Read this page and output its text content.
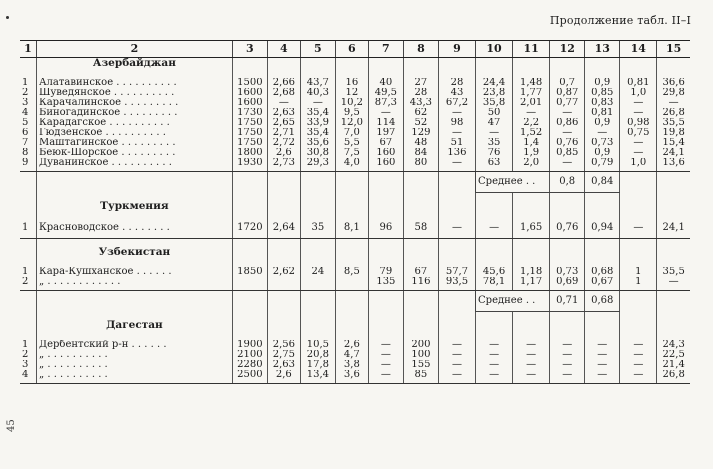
Продолжение табл. II–I
1	2	3	4	5	6	7	8	9	10	11	12	13	14	15
	Азербайджан													
1	Алатавинское . . . . . . . . . .	1500	2,66	43,7	16	40	27	28	24,4	1,48	0,7	0,9	0,81	36,6
2	Шуведянское . . . . . . . . . .	1600	2,68	40,3	12	49,5	28	43	23,8	1,77	0,87	0,85	1,0	29,8
3	Карачалинское . . . . . . . . .	1600	—	—	10,2	87,3	43,3	67,2	35,8	2,01	0,77	0,83	—	—
4	Биногадинское . . . . . . . . .	1730	2,63	35,4	9,5	—	62	—	50	—	—	0,81	—	26,8
5	Карадагское . . . . . . . . . .	1750	2,65	33,9	12,0	114	52	98	47	2,2	0,86	0,9	0,98	35,5
6	Гюдзенское . . . . . . . . . .	1750	2,71	35,4	7,0	197	129	—	—	1,52	—	—	0,75	19,8
7	Маштагинское . . . . . . . . .	1750	2,72	35,6	5,5	67	48	51	35	1,4	0,76	0,73	—	15,4
8	Бeюк-Шорское . . . . . . . . .	1800	2,6	30,8	7,5	160	84	136	76	1,9	0,85	0,9	—	24,1
9	Дуванинское . . . . . . . . . .	1930	2,73	29,3	4,0	160	80	—	63	2,0	—	0,79	1,0	13,6

									Среднее . .		0,8	0,84		

	Туркмения													
1	Красноводское . . . . . . . .	1720	2,64	35	8,1	96	58	—	—	1,65	0,76	0,94	—	24,1

	Узбекистан													
1	Кара-Кушханское . . . . . .	1850	2,62	24	8,5	79	67	57,7	45,6	1,18	0,73	0,68	1	35,5
2	„ . . . . . . . . . . . .					135	116	93,5	78,1	1,17	0,69	0,67	1	—

									Среднее . .		0,71	0,68		

	Дагестан													
1	Дербентский р-н . . . . . .	1900	2,56	10,5	2,6	—	200	—	—	—	—	—	—	24,3
2	„ . . . . . . . . . .	2100	2,75	20,8	4,7	—	100	—	—	—	—	—	—	22,5
3	„ . . . . . . . . . .	2280	2,63	17,8	3,8	—	155	—	—	—	—	—	—	21,4
4	„ . . . . . . . . . .	2500	2,6	13,4	3,6	—	85	—	—	—	—	—	—	26,8

45
